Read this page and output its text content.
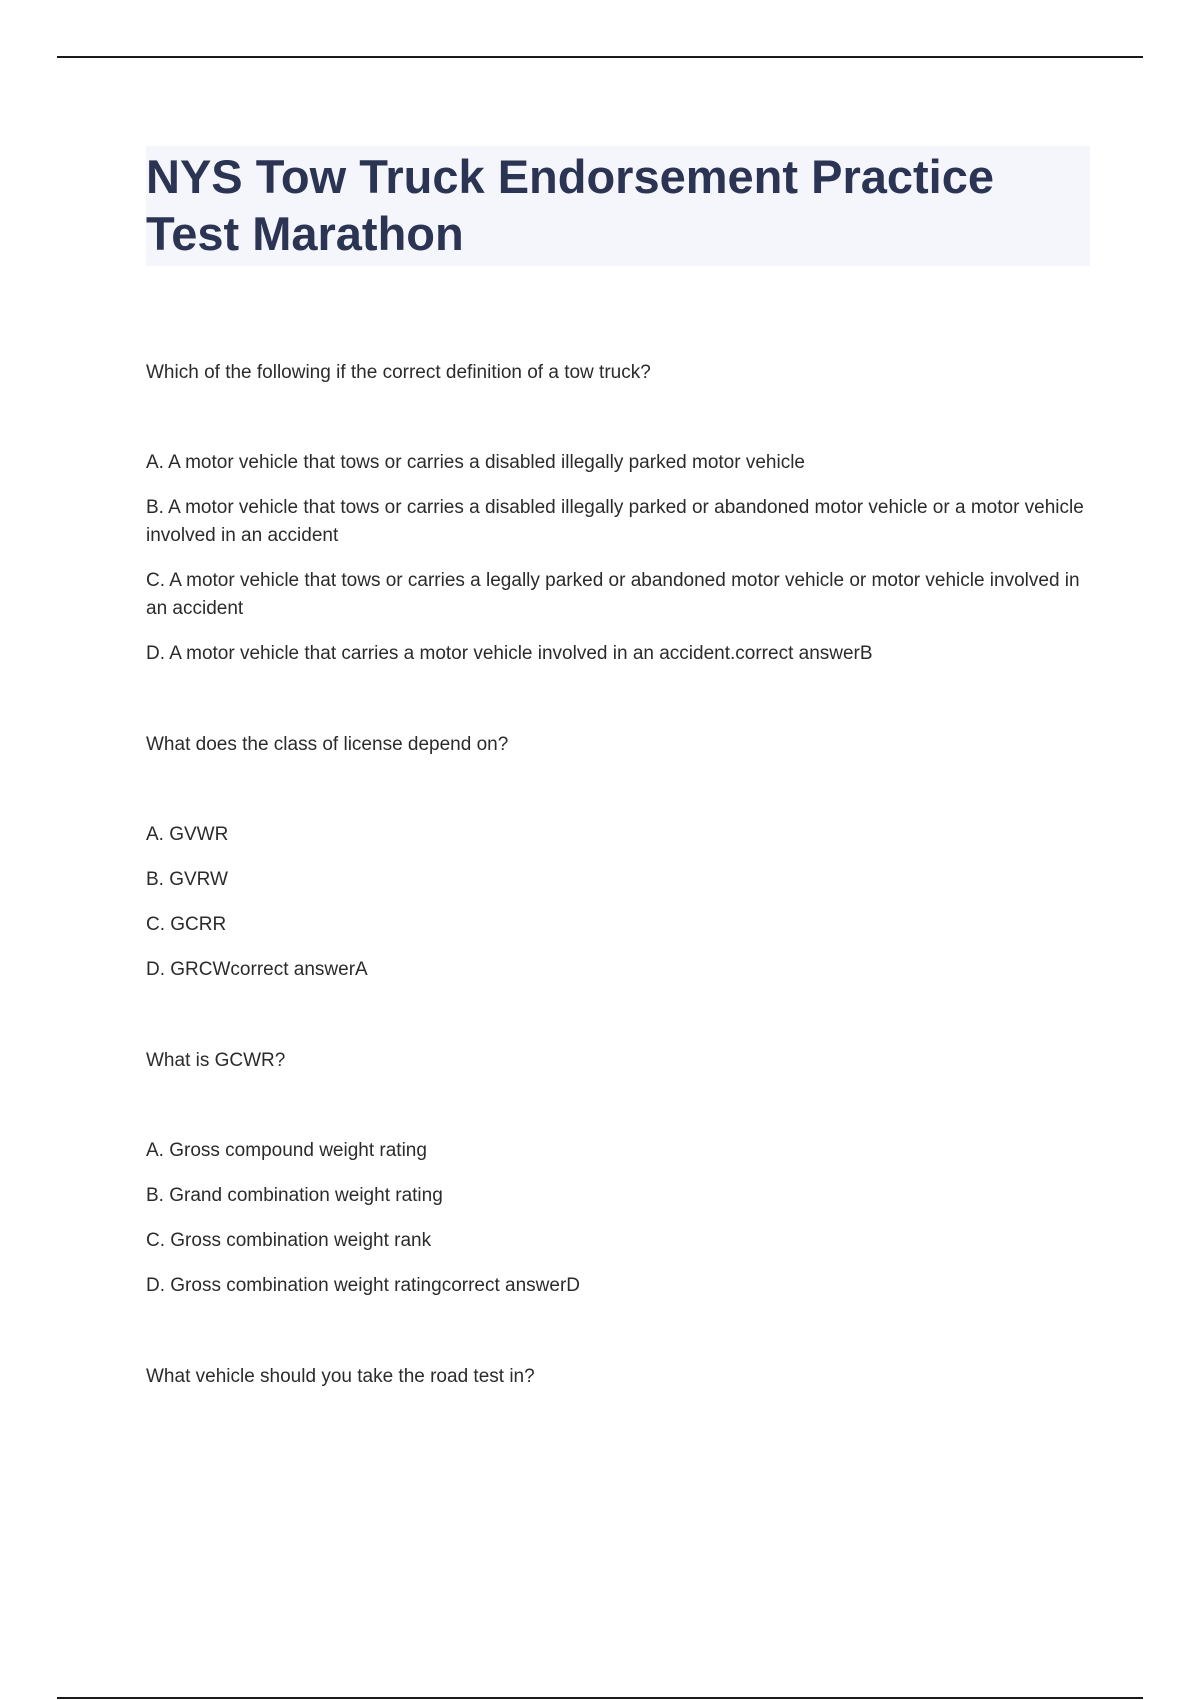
NYS Tow Truck Endorsement Practice Test Marathon

Which of the following if the correct definition of a tow truck?

A. A motor vehicle that tows or carries a disabled illegally parked motor vehicle
B. A motor vehicle that tows or carries a disabled illegally parked or abandoned motor vehicle or a motor vehicle involved in an accident
C. A motor vehicle that tows or carries a legally parked or abandoned motor vehicle or motor vehicle involved in an accident
D. A motor vehicle that carries a motor vehicle involved in an accident.correct answerB

What does the class of license depend on?

A. GVWR
B. GVRW
C. GCRR
D. GRCWcorrect answerA

What is GCWR?

A. Gross compound weight rating
B. Grand combination weight rating
C. Gross combination weight rank
D. Gross combination weight ratingcorrect answerD

What vehicle should you take the road test in?
